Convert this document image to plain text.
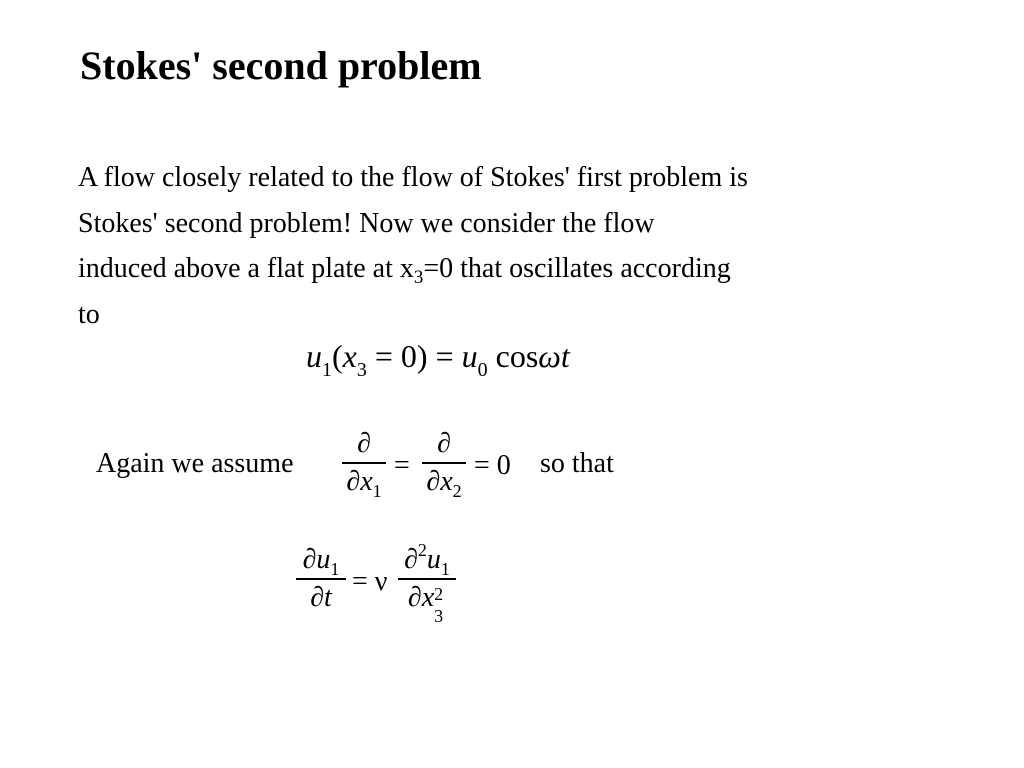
Stokes' second problem
A flow closely related to the flow of Stokes' first problem is
Stokes' second problem! Now we consider the flow
induced above a flat plate at $x_3=0$ that oscillates according
to
$u_1(x_3 = 0) = u_0$ cosωt
Again we assume
∂
$\partial x_1$
=
∂
$\partial x_2$
= 0 so that
$\partial u_1$
∂t
= ν
$\partial^2u_1$
∂x 2
3
